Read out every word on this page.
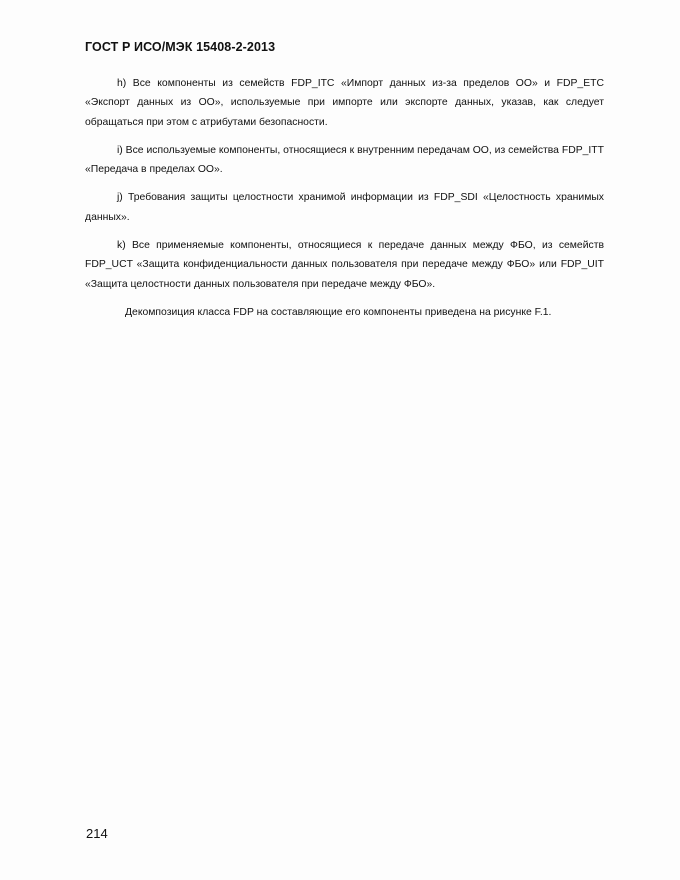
ГОСТ Р ИСО/МЭК 15408-2-2013

h) Все компоненты из семейств FDP_ITC «Импорт данных из-за пределов ОО» и FDP_ETC «Экспорт данных из ОО», используемые при импорте или экспорте данных, указав, как следует обращаться при этом с атрибутами безопасности.

i) Все используемые компоненты, относящиеся к внутренним передачам ОО, из семейства FDP_ITT «Передача в пределах ОО».

j) Требования защиты целостности хранимой информации из FDP_SDI «Целостность хранимых данных».

k) Все применяемые компоненты, относящиеся к передаче данных между ФБО, из семейств FDP_UCT «Защита конфиденциальности данных пользователя при передаче между ФБО» или FDP_UIT «Защита целостности данных пользователя при передаче между ФБО».

Декомпозиция класса FDP на составляющие его компоненты приведена на рисунке F.1.

214
